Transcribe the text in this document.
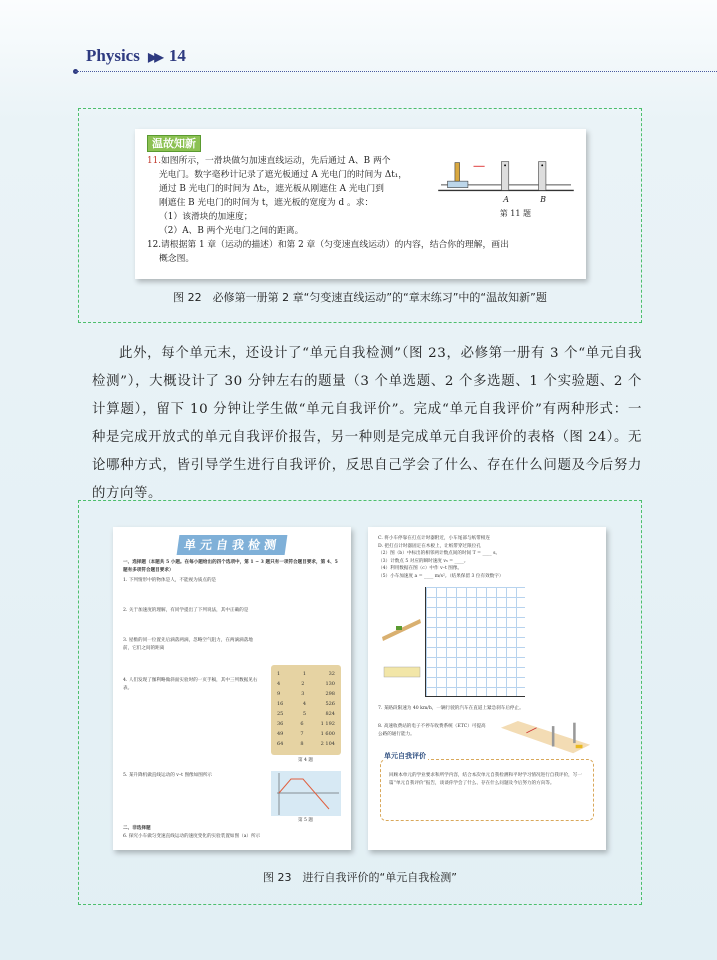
Physics ▶▶ 14
温故知新
11.如图所示，一滑块做匀加速直线运动，先后通过 A、B 两个
光电门。数字毫秒计记录了遮光板通过 A 光电门的时间为 Δt₁，
通过 B 光电门的时间为 Δt₂，遮光板从刚遮住 A 光电门到
刚遮住 B 光电门的时间为 t，遮光板的宽度为 d 。求：
（1）该滑块的加速度；
（2）A、B 两个光电门之间的距离。
12.请根据第 1 章（运动的描述）和第 2 章（匀变速直线运动）的内容，结合你的理解，画出
概念图。
A	B
第 11 题
图 22　必修第一册第 2 章“匀变速直线运动”的“章末练习”中的“温故知新”题

此外，每个单元末，还设计了“单元自我检测”（图 23，必修第一册有 3 个“单元自我检测”），大概设计了 30 分钟左右的题量（3 个单选题、2 个多选题、1 个实验题、2 个计算题），留下 10 分钟让学生做“单元自我评价”。完成“单元自我评价”有两种形式：一种是完成开放式的单元自我评价报告，另一种则是完成单元自我评价的表格（图 24）。无论哪种方式，皆引导学生进行自我评价，反思自己学会了什么、存在什么问题及今后努力的方向等。

单元自我检测
一、选择题（本题共 5 小题。在每小题给出的四个选项中，第 1 ~ 3 题只有一项符合题目要求，第 4、5 题有多项符合题目要求）
1. 下列情形中的物体是人，不能视为质点的是
2. 关于加速度的理解，有同学提出了下列说法，其中正确的是
3. 屋檐的同一位置先后滴落两滴，忽略空气阻力，在两滴滴落地前，它们之间的距离
4. 人们发现了伽利略做斜面实验时的一页手稿，其中三列数据见右表。
5. 某升降机做直线运动的 v–t 图像如图所示
二、非选择题
6. 探究小车做匀变速直线运动的速度变化的实验装置如图（a）所示
1	1	32
4	2	130
9	3	298
16	4	526
25	5	824
36	6	1 192
49	7	1 600
64	8	2 104
第 4 题
第 5 题
C. 将小车停靠在打点计时器附近，小车尾部与纸带相连
D. 把打点计时器固定在木板上，让纸带穿过限位孔
（2）图（b）中标出的相邻两计数点间的时间 T = ____ s。
（3）计数点 5 对应的瞬时速度 v₅ = ____。
（4）利用数据在图（c）中作 v–t 图像。
（5）小车加速度 a = ____ m/s²。（结果保留 3 位有效数字）
7. 某路段限速为 40 km/h，一辆行驶的汽车在直道上紧急刹车后停止。
8. 高速收费站的电子不停车收费系统（ETC）可提高公路的通行能力。
回顾本单元的学业要求和所学内容，结合本次单元自我检测和平时学习情况进行自我评价，写一篇“单元自我评价”报告，谈谈你学会了什么、存在什么问题及今后努力的方向等。
单元自我评价
图 23　进行自我评价的“单元自我检测”
